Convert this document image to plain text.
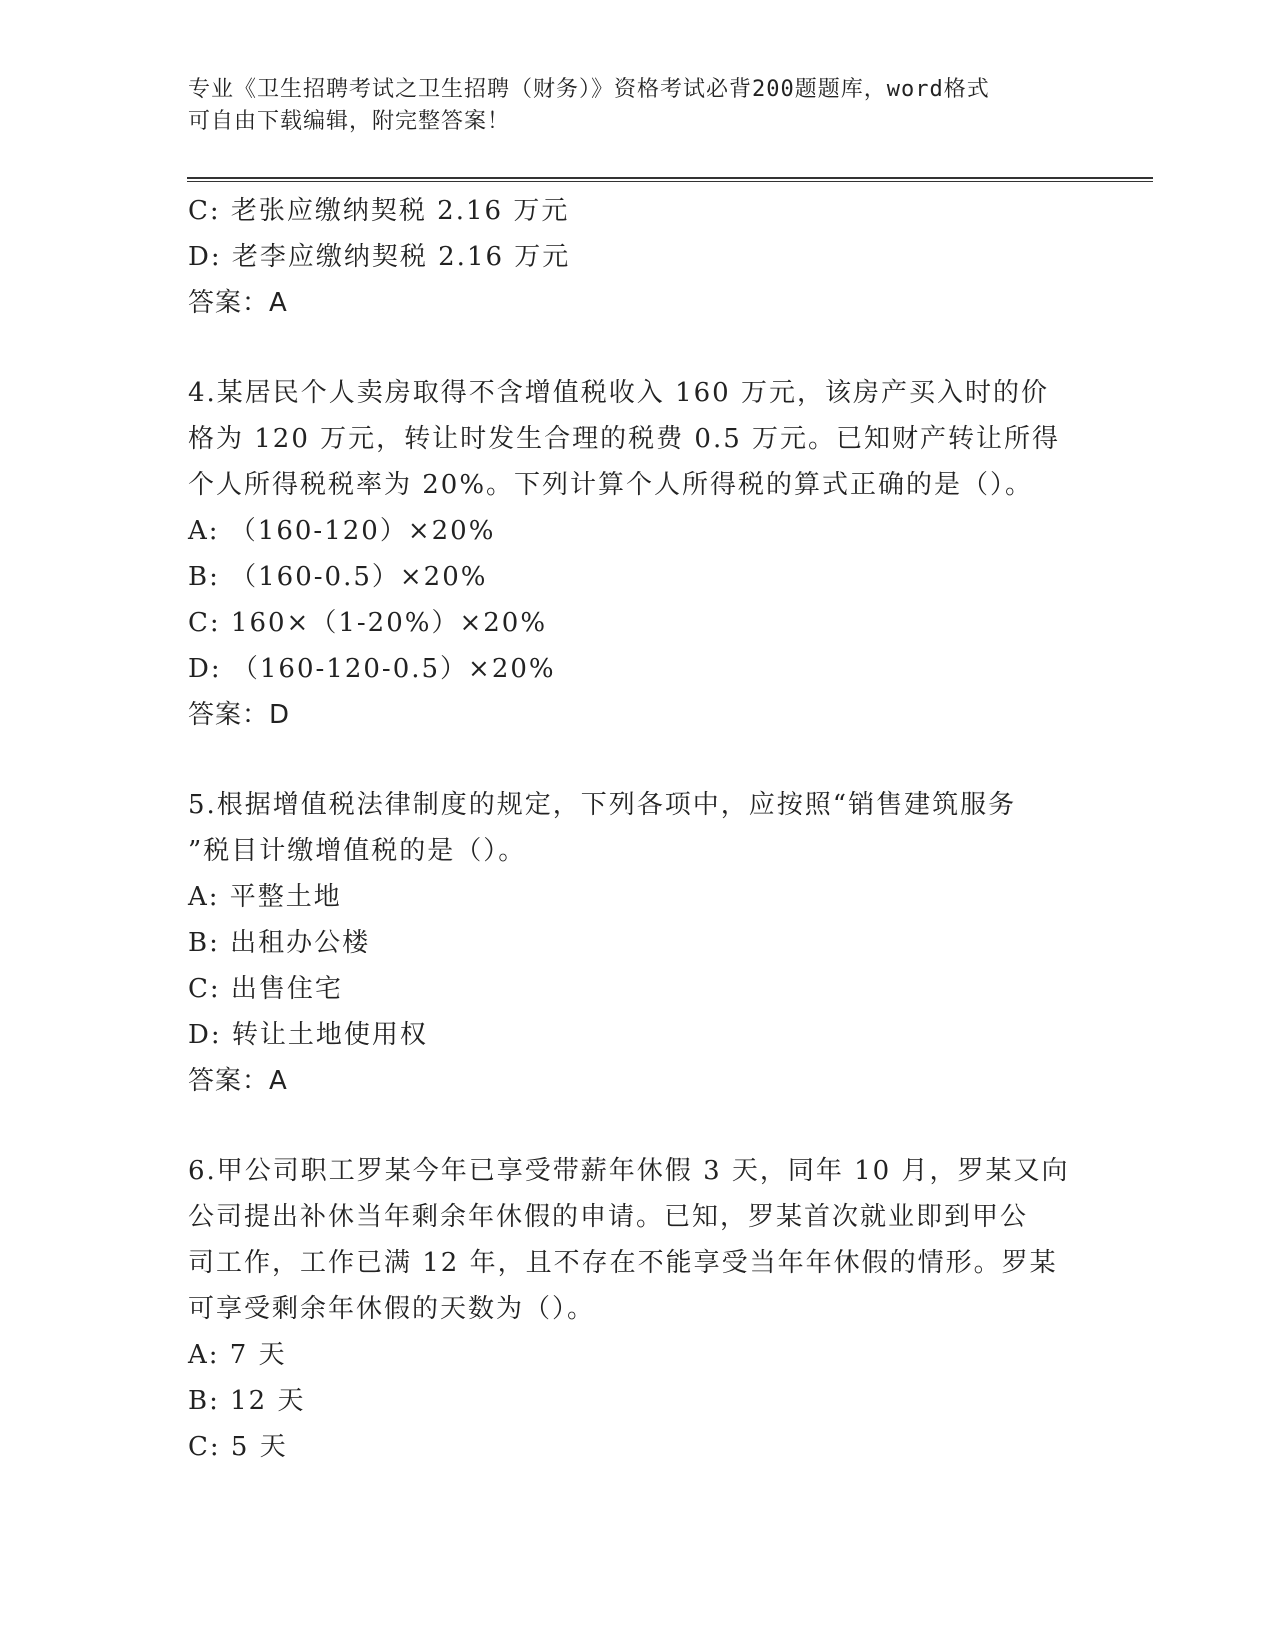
专业《卫生招聘考试之卫生招聘（财务）》资格考试必背200题题库，word格式
可自由下载编辑，附完整答案！
C: 老张应缴纳契税 2.16 万元
D: 老李应缴纳契税 2.16 万元
答案：A
4.某居民个人卖房取得不含增值税收入 160 万元，该房产买入时的价
格为 120 万元，转让时发生合理的税费 0.5 万元。已知财产转让所得
个人所得税税率为 20%。下列计算个人所得税的算式正确的是（）。
A: （160-120）×20%
B: （160-0.5）×20%
C: 160×（1-20%）×20%
D: （160-120-0.5）×20%
答案：D
5.根据增值税法律制度的规定，下列各项中，应按照“销售建筑服务
”税目计缴增值税的是（）。
A: 平整土地
B: 出租办公楼
C: 出售住宅
D: 转让土地使用权
答案：A
6.甲公司职工罗某今年已享受带薪年休假 3 天，同年 10 月，罗某又向
公司提出补休当年剩余年休假的申请。已知，罗某首次就业即到甲公
司工作，工作已满 12 年，且不存在不能享受当年年休假的情形。罗某
可享受剩余年休假的天数为（）。
A: 7 天
B: 12 天
C: 5 天
